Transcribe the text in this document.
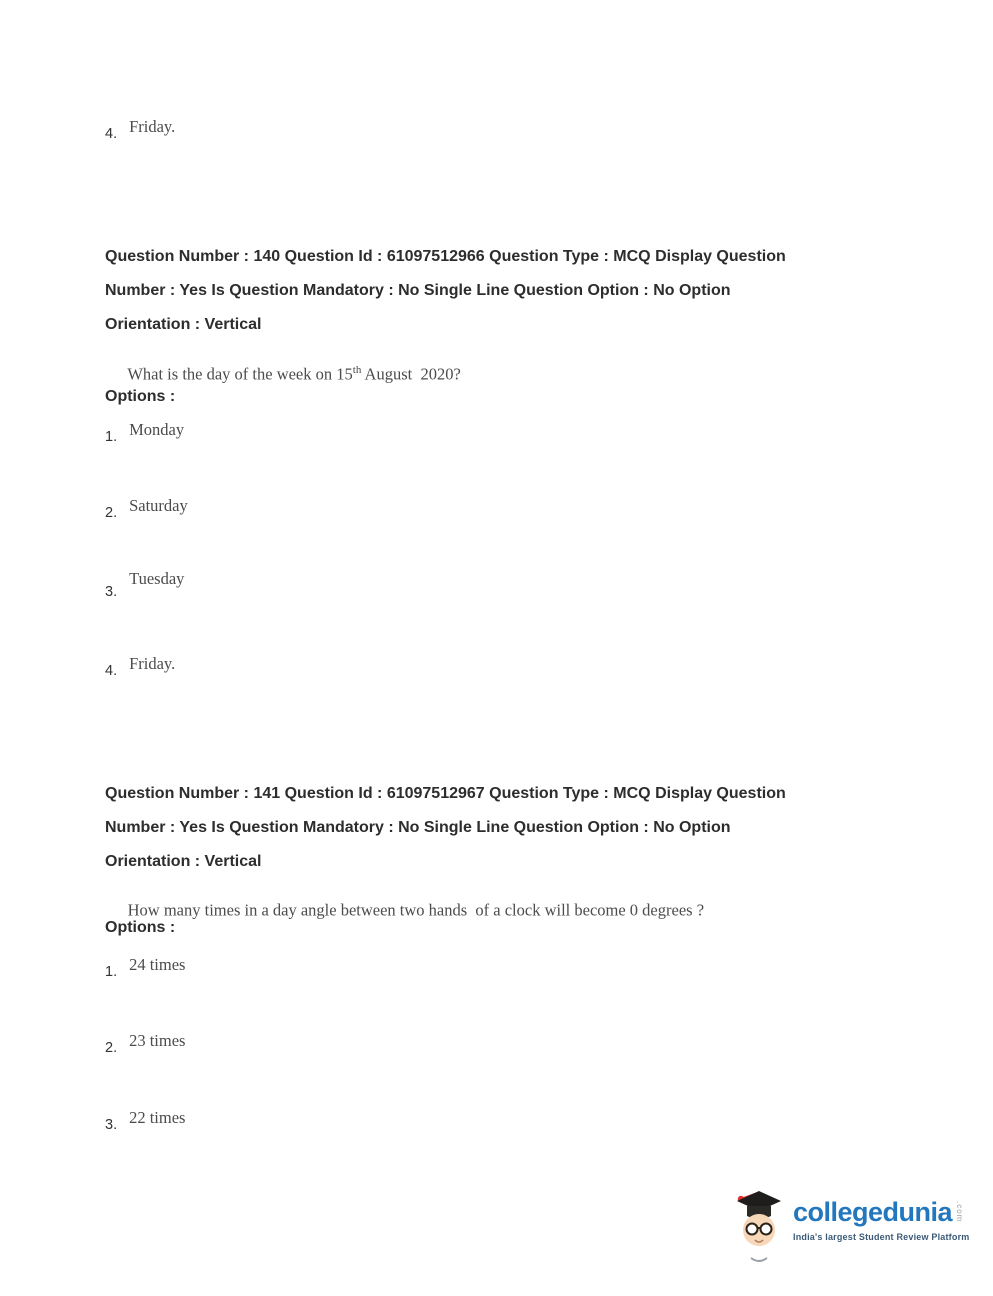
4. Friday.
Question Number : 140 Question Id : 61097512966 Question Type : MCQ Display Question
Number : Yes Is Question Mandatory : No Single Line Question Option : No Option
Orientation : Vertical

What is the day of the week on 15th August  2020?

Options :
1. Monday
2. Saturday
3.
Tuesday
4. Friday.
Question Number : 141 Question Id : 61097512967 Question Type : MCQ Display Question
Number : Yes Is Question Mandatory : No Single Line Question Option : No Option
Orientation : Vertical

How many times in a day angle between two hands  of a clock will become 0 degrees ?

Options :
1. 24 times
2. 23 times
3. 22 times
collegedunia .com
India's largest Student Review Platform
